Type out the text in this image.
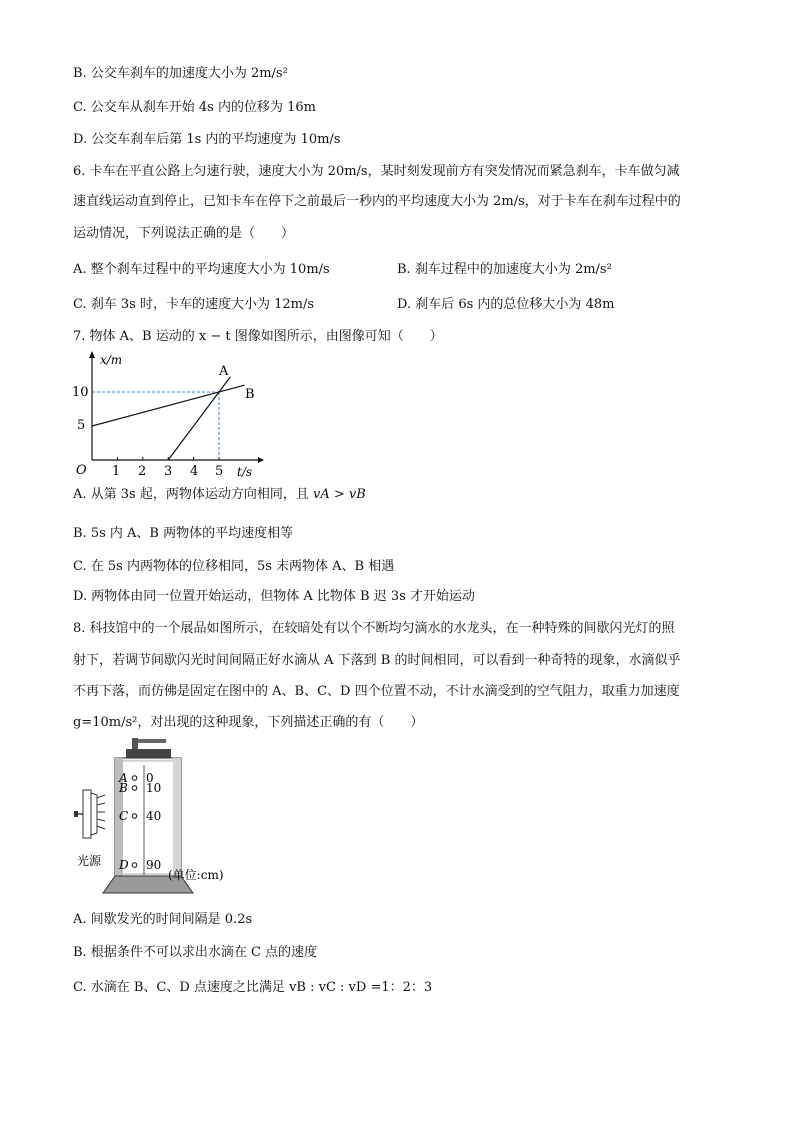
B. 公交车刹车的加速度大小为 2m/s²
C. 公交车从刹车开始 4s 内的位移为 16m
D. 公交车刹车后第 1s 内的平均速度为 10m/s
6. 卡车在平直公路上匀速行驶，速度大小为 20m/s，某时刻发现前方有突发情况而紧急刹车，卡车做匀减
速直线运动直到停止，已知卡车在停下之前最后一秒内的平均速度大小为 2m/s，对于卡车在刹车过程中的
运动情况，下列说法正确的是（　　）
A. 整个刹车过程中的平均速度大小为 10m/s	B. 刹车过程中的加速度大小为 2m/s²
C. 刹车 3s 时，卡车的速度大小为 12m/s	D. 刹车后 6s 内的总位移大小为 48m
7. 物体 A、B 运动的 x − t 图像如图所示，由图像可知（　　）
x/m
t/s
O
10
5
1 2 3 4 5
A
B
A. 从第 3s 起，两物体运动方向相同，且 vA > vB
B. 5s 内 A、B 两物体的平均速度相等
C. 在 5s 内两物体的位移相同，5s 末两物体 A、B 相遇
D. 两物体由同一位置开始运动，但物体 A 比物体 B 迟 3s 才开始运动
8. 科技馆中的一个展品如图所示，在较暗处有以个不断均匀滴水的水龙头，在一种特殊的间歇闪光灯的照
射下，若调节间歇闪光时间间隔正好水滴从 A 下落到 B 的时间相同，可以看到一种奇特的现象，水滴似乎
不再下落，而仿佛是固定在图中的 A、B、C、D 四个位置不动，不计水滴受到的空气阻力，取重力加速度
g=10m/s²，对出现的这种现象，下列描述正确的有（　　）
A
B
C
D
0
10
40
90
光源
(单位:cm)
A. 间歇发光的时间间隔是 0.2s
B. 根据条件不可以求出水滴在 C 点的速度
C. 水滴在 B、C、D 点速度之比满足 vB : vC : vD =1：2：3
